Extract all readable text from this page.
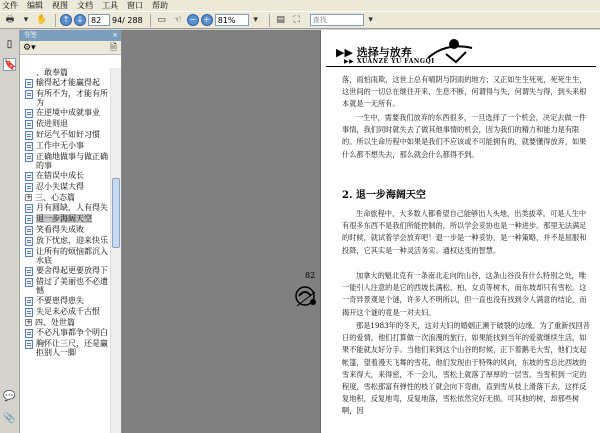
文件 编辑 视图 文档 工具 窗口 帮助
🖶	▾ ✋	↑ ↓
82	94/ 288	▭ ☜ − +
81%	▾	▤ ⛶
查找	▾
▯
🔖
💬
📎
书签	×
⚙▾	🗎
、敢奉篇
输得起才能赢得起
有所不为，才能有所为
在逆境中成就事业
依进则退
好运气不如好习惯
工作中无小事
正确地做事与做正确的事
在错误中成长
忍小失谋大得
+ 三、心态篇
月有圆缺，人有得失
退一步海阔天空
笑看得失成败
放下忧虑，迎来快乐
让所有的烦恼都沉入水底
要舍得起更要放得下
错过了美丽也不必遗憾
不要患得患失
失足未必成千古恨
+ 四、处世篇
不必凡事都争个明白
胸怀让三尺，还是赢拒别人一脚
82
▶▶ 选择与放弃
▶▶ XUANZE YU FANGQI
落，雨怕雨欺，这世上总有晴阴与阴雨的地方；又正如生生死死，死死生生，这世间的一切总在继往开来，生息不断，何谓得与失，何谓失与得，到头来根本就是一无所有。
一生中，需要我们放弃的东西很多，一旦选择了一个机会，决定去做一件事情，我们同时就失去了做其他事情的机会，因为我们的精力和能力是有限的。所以生命历程中如果是我们不应该或不可能拥有的，就要懂得放弃，如果什么都不想失去，那么就会什么都得不到。
2. 退一步海阔天空
生命旅程中，大多数人都希望自己能够出人头地，出类拔萃。可是人生中有很多东西不是我们所能控制的，所以学会妥协也是一种进步。那里无法满足的时候，就试着学会放弃吧！退一步是一种妥协，是一种策略，并不是屈服和投降，它其实是一种灵活务实、通权达变的智慧。
加拿大的魁北克有一条南北走向的山谷，这条山谷没有什么特别之处，唯一能引人注意的是它的西坡长满松、柏、女贞等树木，而东坡却只有雪松。这一奇异景观是个谜，许多人不明所以，但一直也没有找到令人满意的结论，而揭开这个谜的竟是一对夫妇。
那是1983年的冬天，这对夫妇的婚姻正濒于破裂的边缘。为了重新找回昔日的爱情，他们打算做一次浪漫的旅行，如果能找到当年的爱就继续生活，如果不能就友好分手。当他们来到这个山谷的时候，正下着鹅毛大雪，他们支起帐篷，望着漫天飞舞的雪花，他们发现由于特殊的风向，东坡的雪总比西坡的雪来得大，来得密，不一会儿，雪松上就落了厚厚的一层雪。当雪积到一定的程度，雪松那富有弹性的枝丫就会向下弯曲，直到雪从枝上滑落下去，这样反复地积，反复地弯，反复地落，雪松依然完好无损。可其他的树，却那些树啊，因
